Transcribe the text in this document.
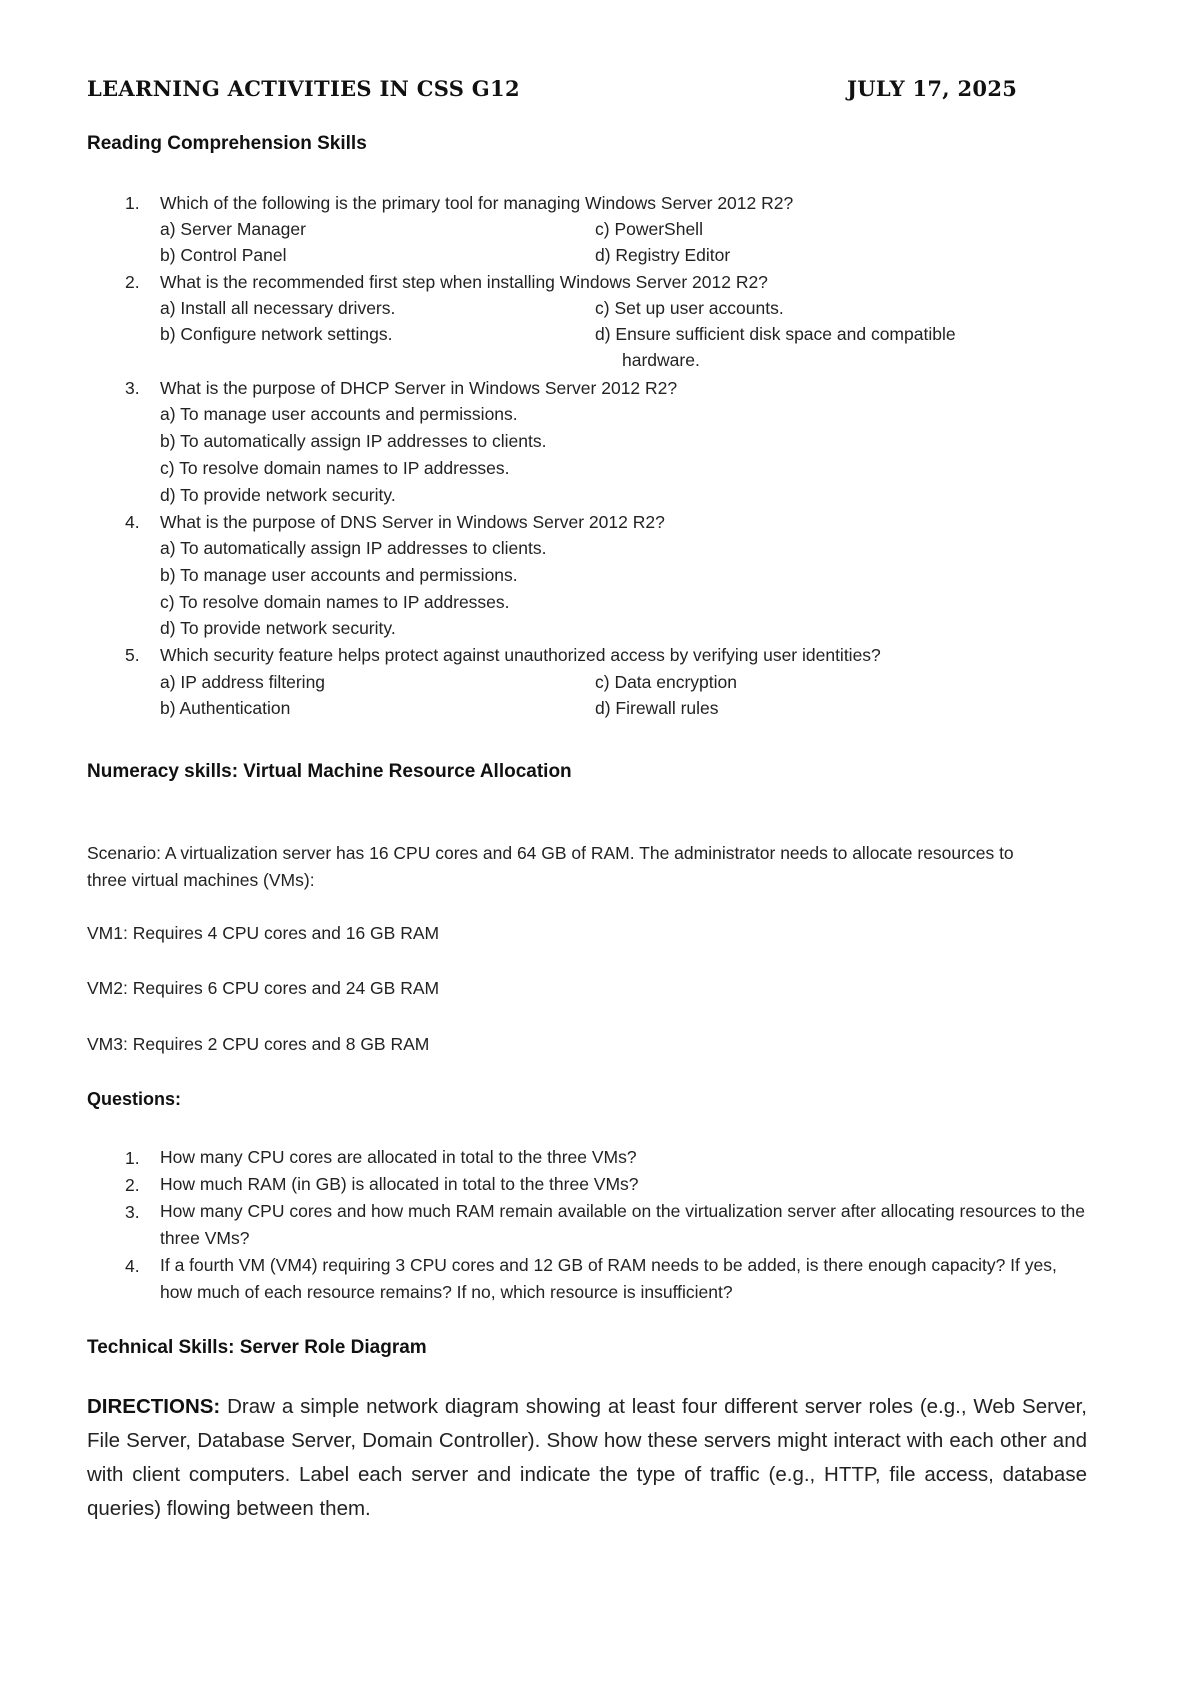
LEARNING ACTIVITIES IN CSS G12	JULY 17, 2025
Reading Comprehension Skills
1. Which of the following is the primary tool for managing Windows Server 2012 R2?
a) Server Manager	c) PowerShell
b) Control Panel	d) Registry Editor
2. What is the recommended first step when installing Windows Server 2012 R2?
a) Install all necessary drivers.	c) Set up user accounts.
b) Configure network settings.	d) Ensure sufficient disk space and compatible
hardware.
3. What is the purpose of DHCP Server in Windows Server 2012 R2?
a) To manage user accounts and permissions.
b) To automatically assign IP addresses to clients.
c) To resolve domain names to IP addresses.
d) To provide network security.
4. What is the purpose of DNS Server in Windows Server 2012 R2?
a) To automatically assign IP addresses to clients.
b) To manage user accounts and permissions.
c) To resolve domain names to IP addresses.
d) To provide network security.
5. Which security feature helps protect against unauthorized access by verifying user identities?
a) IP address filtering	c) Data encryption
b) Authentication	d) Firewall rules
Numeracy skills: Virtual Machine Resource Allocation
Scenario: A virtualization server has 16 CPU cores and 64 GB of RAM. The administrator needs to allocate resources to three virtual machines (VMs):
VM1: Requires 4 CPU cores and 16 GB RAM
VM2: Requires 6 CPU cores and 24 GB RAM
VM3: Requires 2 CPU cores and 8 GB RAM
Questions:
1. How many CPU cores are allocated in total to the three VMs?
2. How much RAM (in GB) is allocated in total to the three VMs?
3. How many CPU cores and how much RAM remain available on the virtualization server after allocating resources to the three VMs?
4. If a fourth VM (VM4) requiring 3 CPU cores and 12 GB of RAM needs to be added, is there enough capacity? If yes, how much of each resource remains? If no, which resource is insufficient?
Technical Skills: Server Role Diagram
DIRECTIONS: Draw a simple network diagram showing at least four different server roles (e.g., Web Server, File Server, Database Server, Domain Controller). Show how these servers might interact with each other and with client computers. Label each server and indicate the type of traffic (e.g., HTTP, file access, database queries) flowing between them.
